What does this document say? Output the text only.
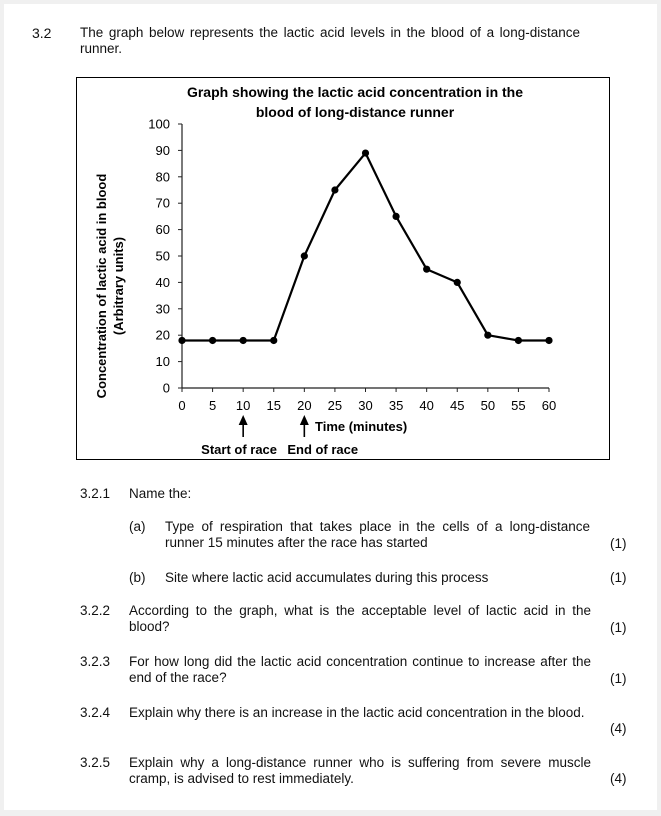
3.2 The graph below represents the lactic acid levels in the blood of a long-distance runner.
Graph showing the lactic acid concentration in the
blood of long-distance runner
Concentration of lactic acid in blood (Arbitrary units)
0
10
20
30
40
50
60
70
80
90
100
0 5 10 15 20 25 30 35 40 45 50 55 60
Time (minutes)
Start of race End of race
3.2.1 Name the:
(a) Type of respiration that takes place in the cells of a long-distance runner 15 minutes after the race has started	(1)
(b) Site where lactic acid accumulates during this process	(1)
3.2.2 According to the graph, what is the acceptable level of lactic acid in the blood?	(1)
3.2.3 For how long did the lactic acid concentration continue to increase after the end of the race?	(1)
3.2.4 Explain why there is an increase in the lactic acid concentration in the blood.
(4)
3.2.5 Explain why a long-distance runner who is suffering from severe muscle cramp, is advised to rest immediately.	(4)
